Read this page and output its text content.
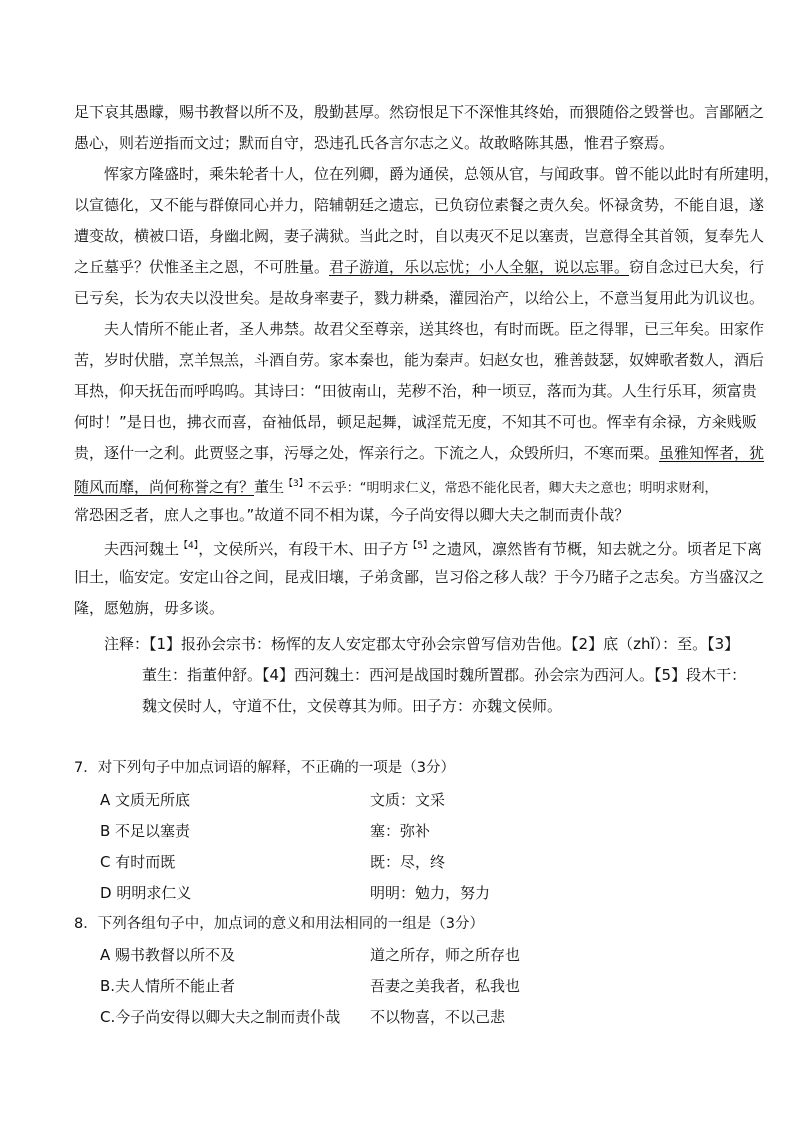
足下哀其愚矇，赐书教督以所不及，殷勤甚厚。然窃恨足下不深惟其终始，而猥随俗之毁誉也。言鄙陋之
愚心，则若逆指而文过；默而自守，恐违孔氏各言尔志之义。故敢略陈其愚，惟君子察焉。
恽家方隆盛时，乘朱轮者十人，位在列卿，爵为通侯，总领从官，与闻政事。曾不能以此时有所建明，
以宣德化，又不能与群僚同心并力，陪辅朝廷之遗忘，已负窃位素餐之责久矣。怀禄贪势，不能自退，遂
遭变故，横被口语，身幽北阙，妻子满狱。当此之时，自以夷灭不足以塞责，岂意得全其首领，复奉先人
之丘墓乎？伏惟圣主之恩，不可胜量。君子游道，乐以忘忧；小人全躯，说以忘罪。窃自念过已大矣，行
已亏矣，长为农夫以没世矣。是故身率妻子，戮力耕桑，灌园治产，以给公上，不意当复用此为讥议也。
夫人情所不能止者，圣人弗禁。故君父至尊亲，送其终也，有时而既。臣之得罪，已三年矣。田家作
苦，岁时伏腊，烹羊炰羔，斗酒自劳。家本秦也，能为秦声。妇赵女也，雅善鼓瑟，奴婢歌者数人，酒后
耳热，仰天抚缶而呼呜呜。其诗曰：“田彼南山，芜秽不治，种一顷豆，落而为萁。人生行乐耳，须富贵
何时！”是日也，拂衣而喜，奋袖低昂，顿足起舞，诚淫荒无度，不知其不可也。恽幸有余禄，方籴贱贩
贵，逐什一之利。此贾竖之事，污辱之处，恽亲行之。下流之人，众毁所归，不寒而栗。虽雅知恽者，犹
随风而靡，尚何称誉之有？董生$^{【3】}$不云乎：“明明求仁义，常恐不能化民者，卿大夫之意也；明明求财利，
常恐困乏者，庶人之事也。”故道不同不相为谋，今子尚安得以卿大夫之制而责仆哉？
夫西河魏土$^{【4】}$，文侯所兴，有段干木、田子方$^{【5】}$之遗风，凛然皆有节概，知去就之分。顷者足下离
旧土，临安定。安定山谷之间，昆戎旧壤，子弟贪鄙，岂习俗之移人哉？于今乃睹子之志矣。方当盛汉之
隆，愿勉旃，毋多谈。
注释：【1】报孙会宗书：杨恽的友人安定郡太守孙会宗曾写信劝告他。【2】底（zhǐ）：至。【3】
董生：指董仲舒。【4】西河魏土：西河是战国时魏所置郡。孙会宗为西河人。【5】段木干：
魏文侯时人，守道不仕，文侯尊其为师。田子方：亦魏文侯师。
7．对下列句子中加点词语的解释，不正确的一项是（3分）
A 文质无所底	文质：文采
B 不足以塞责	塞：弥补
C 有时而既	既：尽，终
D 明明求仁义	明明：勉力，努力
8．下列各组句子中，加点词的意义和用法相同的一组是（3分）
A 赐书教督以所不及	道之所存，师之所存也
B.夫人情所不能止者	吾妻之美我者，私我也
C.今子尚安得以卿大夫之制而责仆哉 不以物喜，不以己悲
